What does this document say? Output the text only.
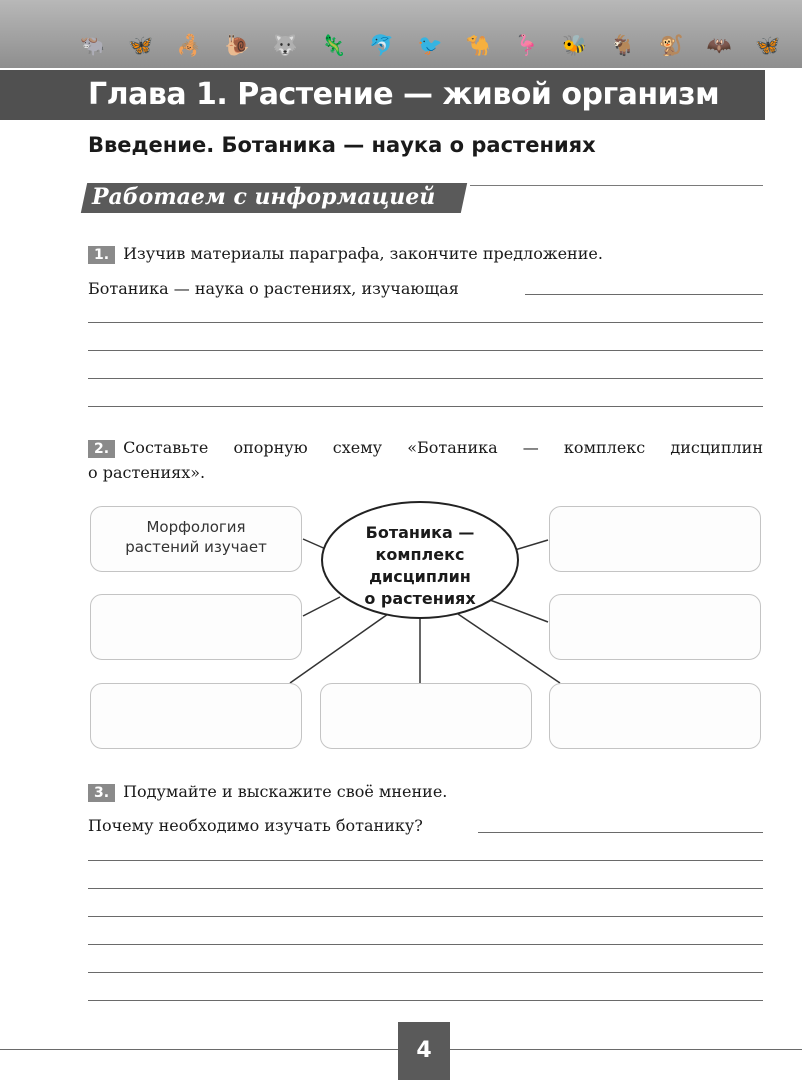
🐃 🦋 🦂 🐌 🐺 🦎 🐬 🐦 🐪 🦩 🐝 🐐 🐒 🦇 🦋
Глава 1. Растение — живой организм
Введение. Ботаника — наука о растениях
Работаем с информацией
1. Изучив материалы параграфа, закончите предложение.
Ботаника — наука о растениях, изучающая
2. Составьте опорную схему «Ботаника — комплекс дисциплин
о растениях».
Ботаника —
комплекс
дисциплин
о растениях
Морфология
растений изучает
3. Подумайте и выскажите своё мнение.
Почему необходимо изучать ботанику?
4
